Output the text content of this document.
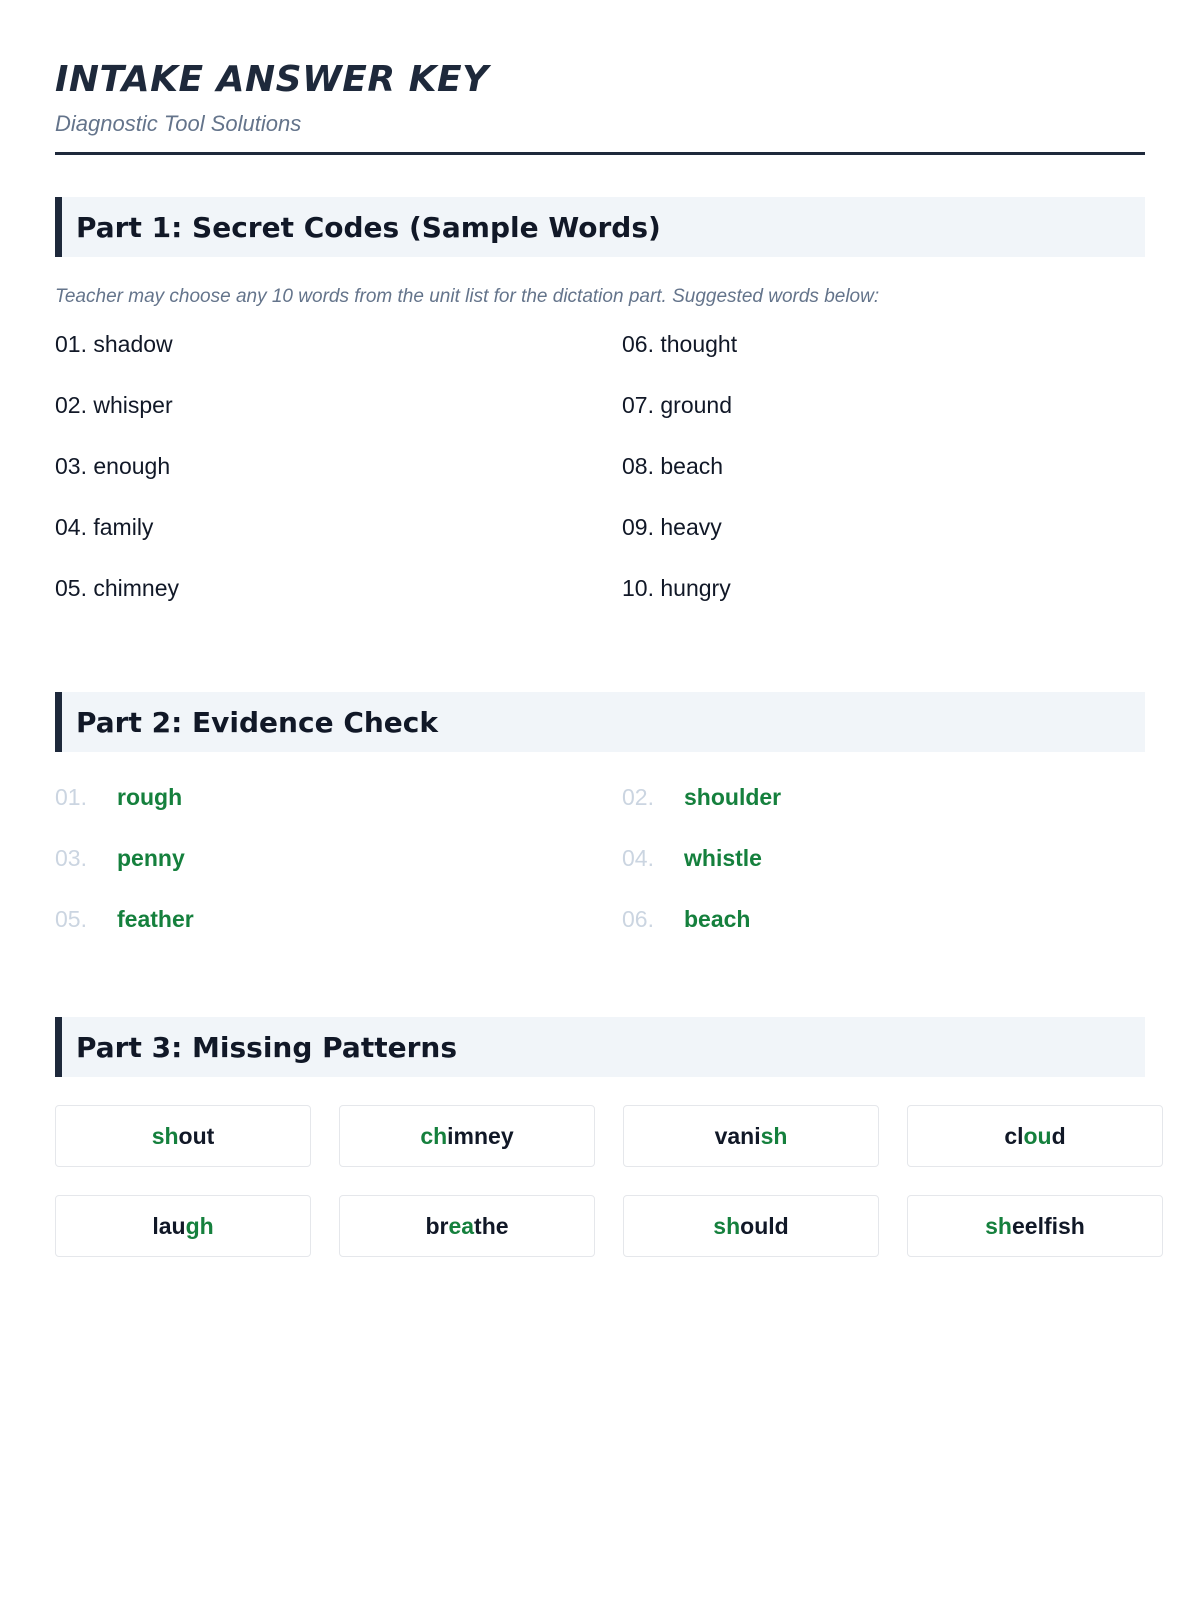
INTAKE ANSWER KEY
Diagnostic Tool Solutions
Part 1: Secret Codes (Sample Words)
Teacher may choose any 10 words from the unit list for the dictation part. Suggested words below:
01. shadow	06. thought
02. whisper	07. ground
03. enough	08. beach
04. family	09. heavy
05. chimney	10. hungry
Part 2: Evidence Check
01. rough	02. shoulder
03. penny	04. whistle
05. feather	06. beach
Part 3: Missing Patterns
sh out	ch imney	vani sh	cl ou d
lau gh	br ea the	sh ould	sh eelfish
